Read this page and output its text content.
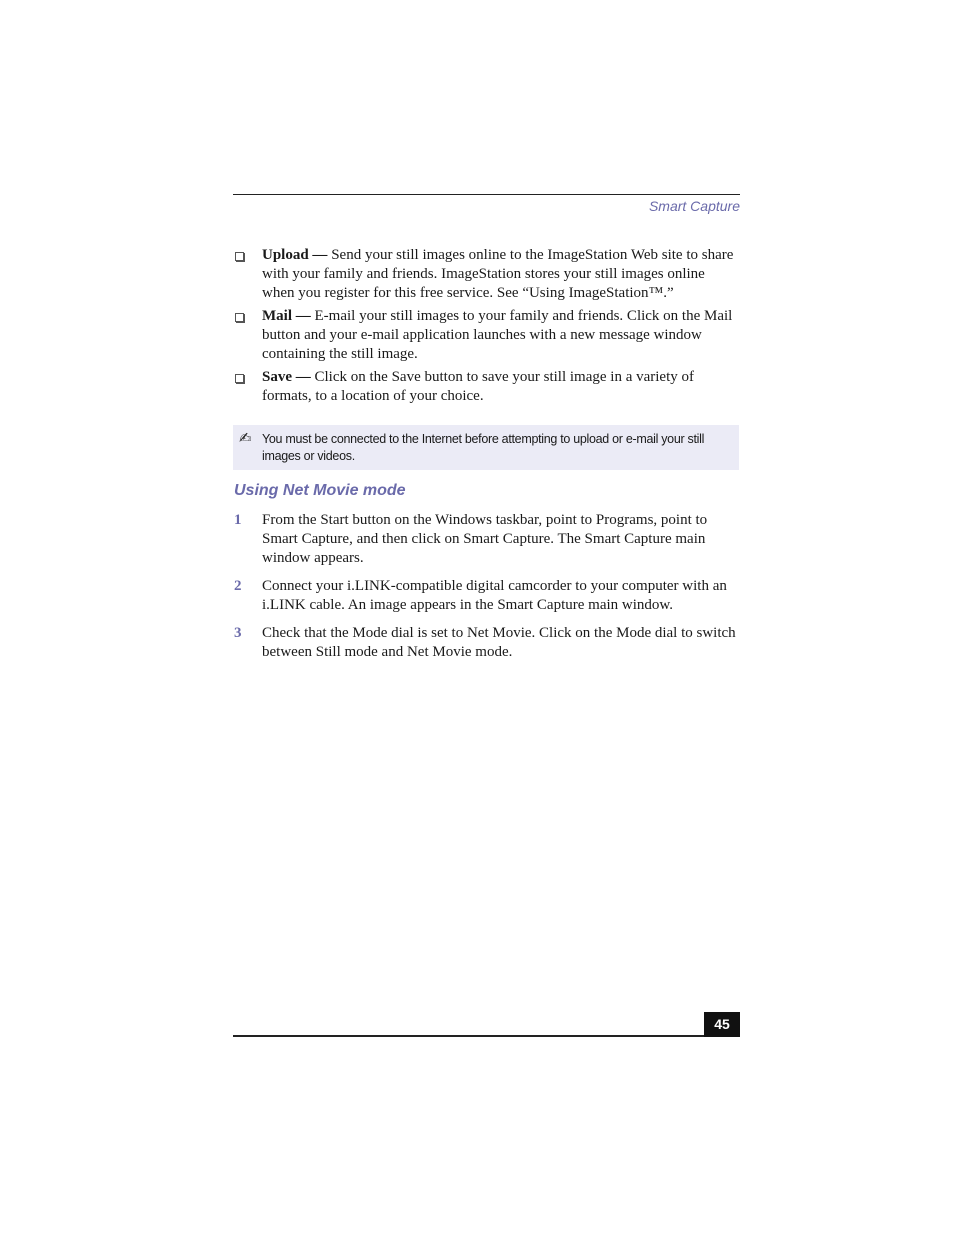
Smart Capture
Upload — Send your still images online to the ImageStation Web site to share with your family and friends. ImageStation stores your still images online when you register for this free service. See “Using ImageStation™.”
Mail — E-mail your still images to your family and friends. Click on the Mail button and your e-mail application launches with a new message window containing the still image.
Save — Click on the Save button to save your still image in a variety of formats, to a location of your choice.
✍ You must be connected to the Internet before attempting to upload or e-mail your still images or videos.
Using Net Movie mode
1 From the Start button on the Windows taskbar, point to Programs, point to Smart Capture, and then click on Smart Capture. The Smart Capture main window appears.
2 Connect your i.LINK-compatible digital camcorder to your computer with an i.LINK cable. An image appears in the Smart Capture main window.
3 Check that the Mode dial is set to Net Movie. Click on the Mode dial to switch between Still mode and Net Movie mode.
45
